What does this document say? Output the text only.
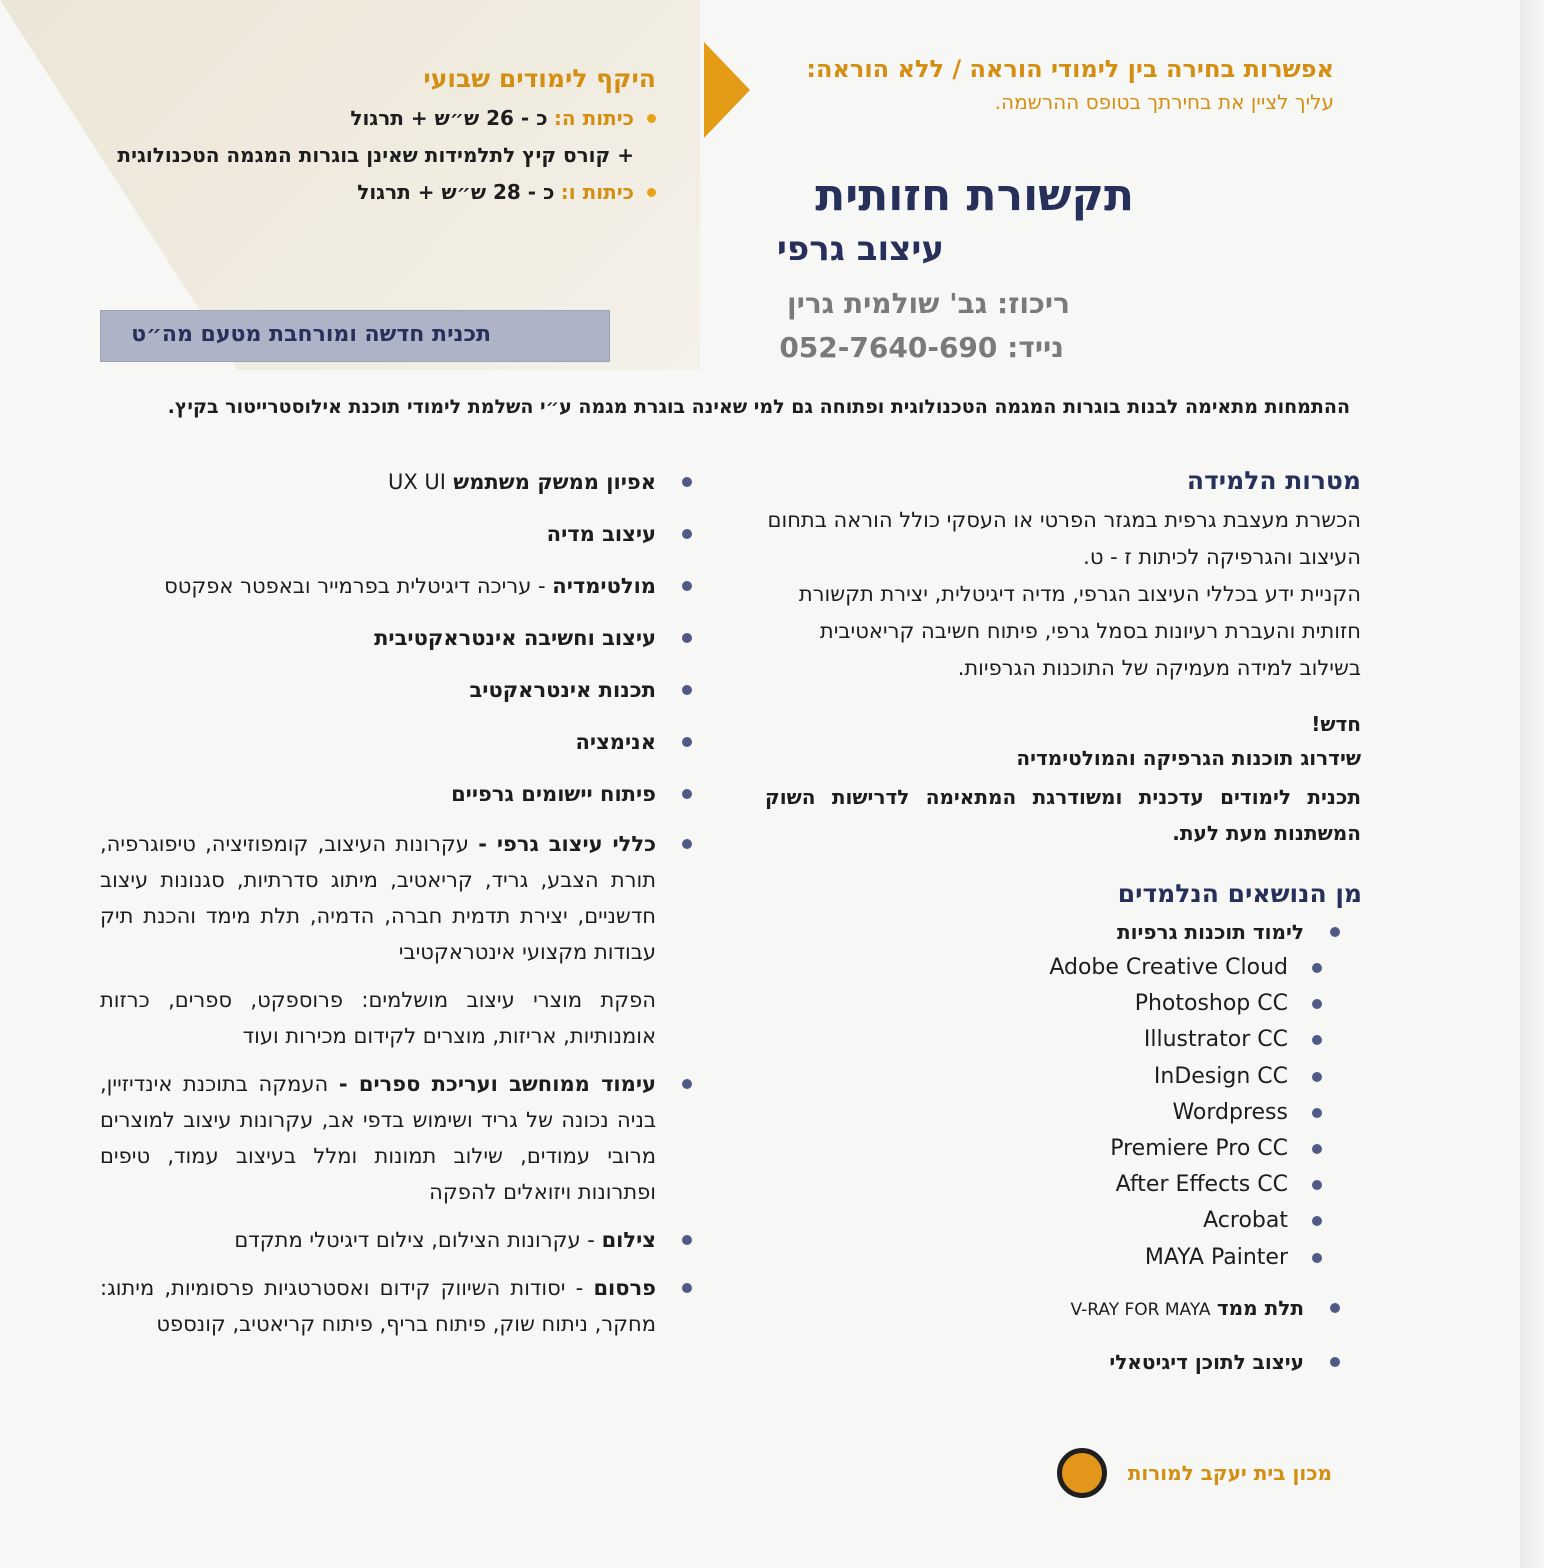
היקף לימודים שבועי
כיתות ה: כ - 26 ש״ש + תרגול
+ קורס קיץ לתלמידות שאינן בוגרות המגמה הטכנולוגית
כיתות ו: כ - 28 ש״ש + תרגול
אפשרות בחירה בין לימודי הוראה / ללא הוראה:
עליך לציין את בחירתך בטופס ההרשמה.
תקשורת חזותית
עיצוב גרפי
ריכוז: גב' שולמית גרין
נייד: 052-7640-690
תכנית חדשה ומורחבת מטעם מה״ט
ההתמחות מתאימה לבנות בוגרות המגמה הטכנולוגית ופתוחה גם למי שאינה בוגרת מגמה ע״י השלמת לימודי תוכנת אילוסטרייטור בקיץ.
מטרות הלמידה
הכשרת מעצבת גרפית במגזר הפרטי או העסקי כולל הוראה בתחום העיצוב והגרפיקה לכיתות ז - ט.
הקניית ידע בכללי העיצוב הגרפי, מדיה דיגיטלית, יצירת תקשורת חזותית והעברת רעיונות בסמל גרפי, פיתוח חשיבה קריאטיבית בשילוב למידה מעמיקה של התוכנות הגרפיות.
חדש!
שידרוג תוכנות הגרפיקה והמולטימדיה
תכנית לימודים עדכנית ומשודרגת המתאימה לדרישות השוק המשתנות מעת לעת.
מן הנושאים הנלמדים
לימוד תוכנות גרפיות
Adobe Creative Cloud
Photoshop CC
Illustrator CC
InDesign CC
Wordpress
Premiere Pro CC
After Effects CC
Acrobat
MAYA Painter
תלת ממד V-RAY FOR MAYA
עיצוב לתוכן דיגיטאלי
אפיון ממשק משתמש UX UI
עיצוב מדיה
מולטימדיה - עריכה דיגיטלית בפרמייר ובאפטר אפקטס
עיצוב וחשיבה אינטראקטיבית
תכנות אינטראקטיב
אנימציה
פיתוח יישומים גרפיים
כללי עיצוב גרפי - עקרונות העיצוב, קומפוזיציה, טיפוגרפיה, תורת הצבע, גריד, קריאטיב, מיתוג סדרתיות, סגנונות עיצוב חדשניים, יצירת תדמית חברה, הדמיה, תלת מימד והכנת תיק עבודות מקצועי אינטראקטיבי
הפקת מוצרי עיצוב מושלמים: פרוספקט, ספרים, כרזות אומנותיות, אריזות, מוצרים לקידום מכירות ועוד
עימוד ממוחשב ועריכת ספרים - העמקה בתוכנת אינדיזיין, בניה נכונה של גריד ושימוש בדפי אב, עקרונות עיצוב למוצרים מרובי עמודים, שילוב תמונות ומלל בעיצוב עמוד, טיפים ופתרונות ויזואלים להפקה
צילום - עקרונות הצילום, צילום דיגיטלי מתקדם
פרסום - יסודות השיווק קידום ואסטרטגיות פרסומיות, מיתוג: מחקר, ניתוח שוק, פיתוח בריף, פיתוח קריאטיב, קונספט
מכון בית יעקב למורות
